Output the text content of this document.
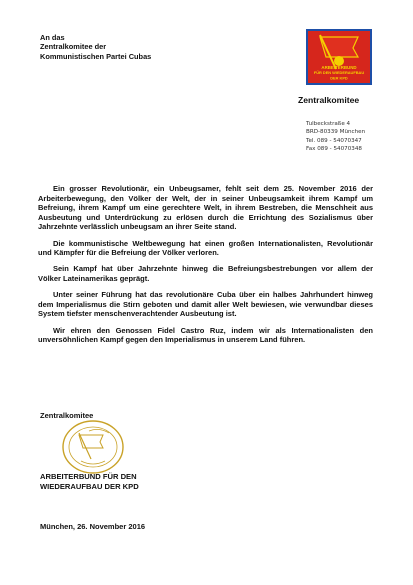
An das
Zentralkomitee der
Kommunistischen Partei Cubas
ARBEITERBUND
FÜR DEN WIEDERAUFBAU
DER KPD
Zentralkomitee
Tulbeckstraße 4
BRD-80339 München
Tel. 089 - 54070347
Fax 089 - 54070348

Ein grosser Revolutionär, ein Unbeugsamer, fehlt seit dem 25. November 2016 der Arbeiterbewegung, den Völker der Welt, der in seiner Unbeugsamkeit ihrem Kampf um Befreiung, ihrem Kampf um eine gerechtere Welt, in ihrem Bestreben, die Menschheit aus Ausbeutung und Unterdrückung zu erlösen durch die Errichtung des Sozialismus über Jahrzehnte verlässlich unbeugsam an ihrer Seite stand.

Die kommunistische Weltbewegung hat einen großen Internationalisten, Revolutionär und Kämpfer für die Befreiung der Völker verloren.

Sein Kampf hat über Jahrzehnte hinweg die Befreiungsbestrebungen vor allem der Völker Lateinamerikas geprägt.

Unter seiner Führung hat das revolutionäre Cuba über ein halbes Jahrhundert hinweg dem Imperialismus die Stirn geboten und damit aller Welt bewiesen, wie verwundbar dieses System tiefster menschenverachtender Ausbeutung ist.

Wir ehren den Genossen Fidel Castro Ruz, indem wir als Internationalisten den unversöhnlichen Kampf gegen den Imperialismus in unserem Land führen.

Zentralkomitee
ARBEITERBUND FÜR DEN
WIEDERAUFBAU DER KPD
München, 26. November 2016
